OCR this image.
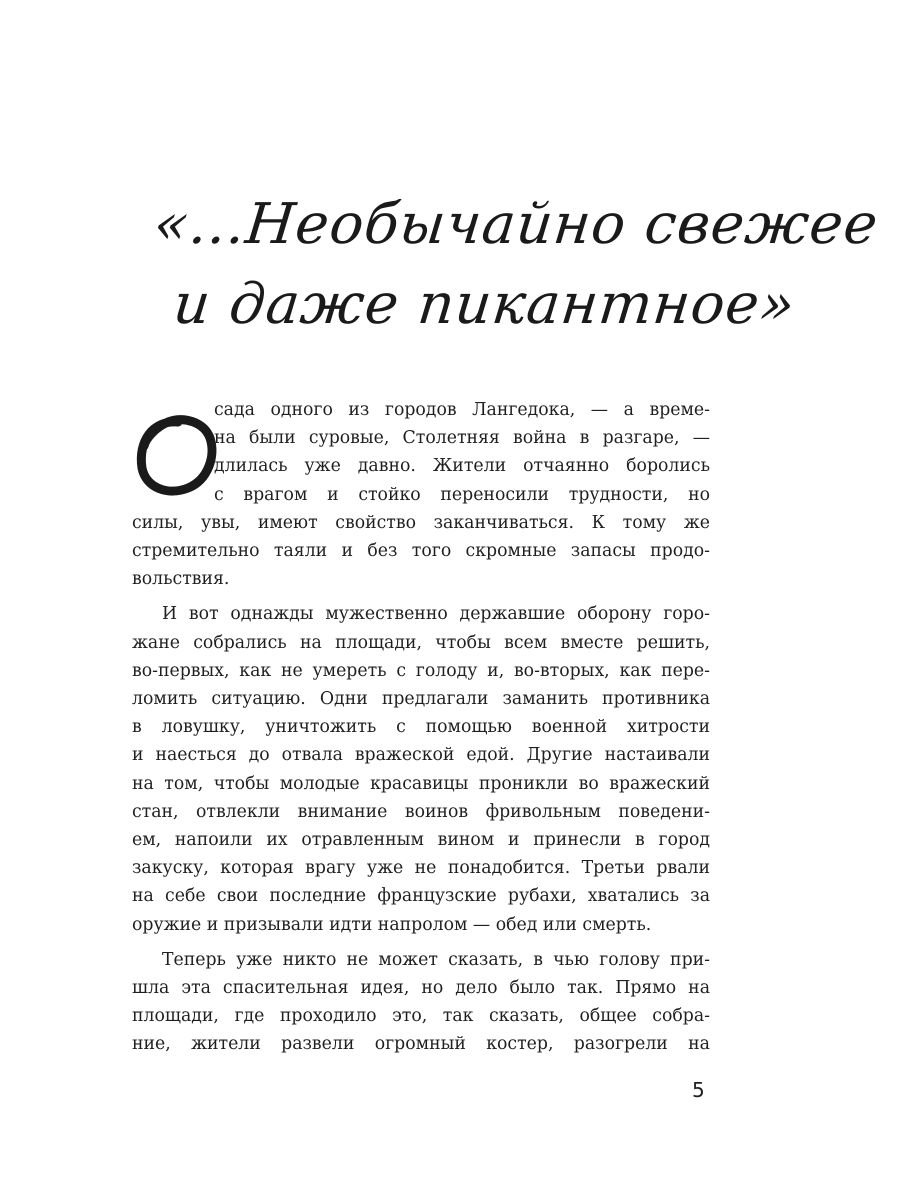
«...Необычайно свежее
и даже пикантное»

сада одного из городов Лангедока, — а време-

на были суровые, Столетняя война в разгаре, —

длилась уже давно. Жители отчаянно боролись

с врагом и стойко переносили трудности, но

силы, увы, имеют свойство заканчиваться. К тому же

стремительно таяли и без того скромные запасы продо-

вольствия.

И вот однажды мужественно державшие оборону горо-

жане собрались на площади, чтобы всем вместе решить,

во-первых, как не умереть с голоду и, во-вторых, как пере-

ломить ситуацию. Одни предлагали заманить противника

в ловушку, уничтожить с помощью военной хитрости

и наесться до отвала вражеской едой. Другие настаивали

на том, чтобы молодые красавицы проникли во вражеский

стан, отвлекли внимание воинов фривольным поведени-

ем, напоили их отравленным вином и принесли в город

закуску, которая врагу уже не понадобится. Третьи рвали

на себе свои последние французские рубахи, хватались за

оружие и призывали идти напролом — обед или смерть.

Теперь уже никто не может сказать, в чью голову при-

шла эта спасительная идея, но дело было так. Прямо на

площади, где проходило это, так сказать, общее собра-

ние, жители развели огромный костер, разогрели на

5
